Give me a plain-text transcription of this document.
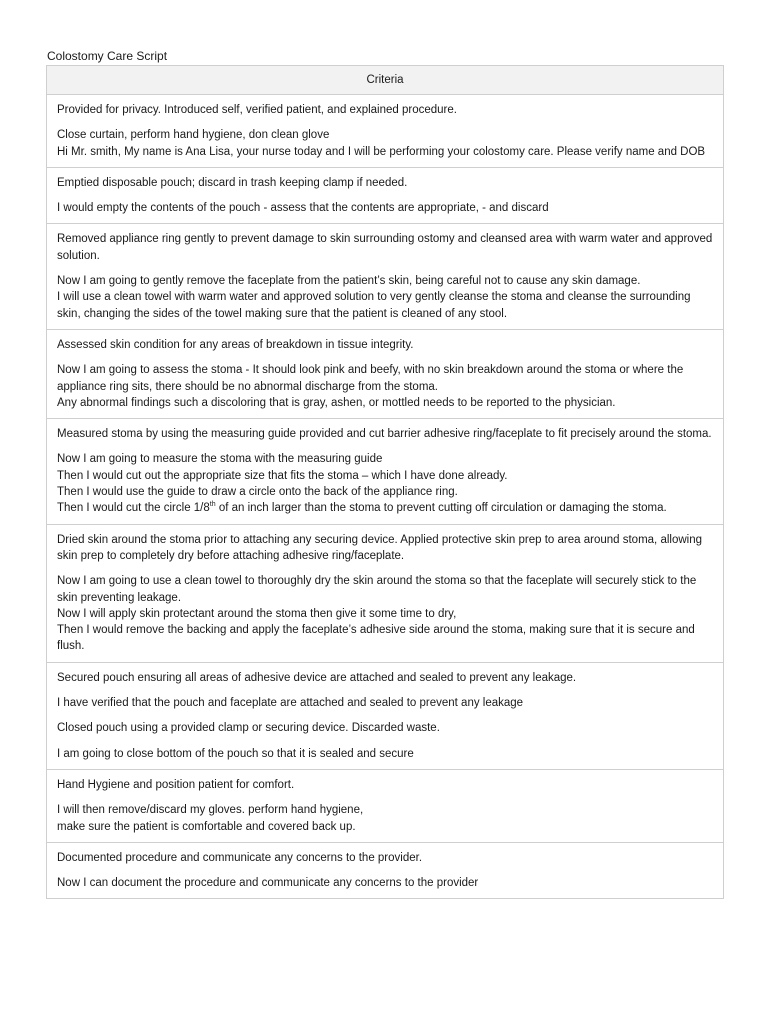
Colostomy Care Script
Criteria

Provided for privacy. Introduced self, verified patient, and explained procedure.
Close curtain, perform hand hygiene, don clean glove
Hi Mr. smith, My name is Ana Lisa, your nurse today and I will be performing your colostomy care. Please verify name and DOB

Emptied disposable pouch; discard in trash keeping clamp if needed.
I would empty the contents of the pouch - assess that the contents are appropriate, - and discard

Removed appliance ring gently to prevent damage to skin surrounding ostomy and cleansed area with warm water and approved solution.
Now I am going to gently remove the faceplate from the patient’s skin, being careful not to cause any skin damage.
I will use a clean towel with warm water and approved solution to very gently cleanse the stoma and cleanse the surrounding skin, changing the sides of the towel making sure that the patient is cleaned of any stool.

Assessed skin condition for any areas of breakdown in tissue integrity.
Now I am going to assess the stoma - It should look pink and beefy, with no skin breakdown around the stoma or where the appliance ring sits, there should be no abnormal discharge from the stoma.
Any abnormal findings such a discoloring that is gray, ashen, or mottled needs to be reported to the physician.

Measured stoma by using the measuring guide provided and cut barrier adhesive ring/faceplate to fit precisely around the stoma.
Now I am going to measure the stoma with the measuring guide
Then I would cut out the appropriate size that fits the stoma – which I have done already.
Then I would use the guide to draw a circle onto the back of the appliance ring.
Then I would cut the circle 1/8th of an inch larger than the stoma to prevent cutting off circulation or damaging the stoma.

Dried skin around the stoma prior to attaching any securing device. Applied protective skin prep to area around stoma, allowing skin prep to completely dry before attaching adhesive ring/faceplate.
Now I am going to use a clean towel to thoroughly dry the skin around the stoma so that the faceplate will securely stick to the skin preventing leakage.
Now I will apply skin protectant around the stoma then give it some time to dry,
Then I would remove the backing and apply the faceplate’s adhesive side around the stoma, making sure that it is secure and flush.

Secured pouch ensuring all areas of adhesive device are attached and sealed to prevent any leakage.
I have verified that the pouch and faceplate are attached and sealed to prevent any leakage
Closed pouch using a provided clamp or securing device. Discarded waste.
I am going to close bottom of the pouch so that it is sealed and secure

Hand Hygiene and position patient for comfort.
I will then remove/discard my gloves. perform hand hygiene,
make sure the patient is comfortable and covered back up.

Documented procedure and communicate any concerns to the provider.
Now I can document the procedure and communicate any concerns to the provider
